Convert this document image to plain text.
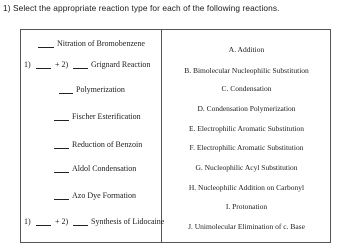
1) Select the appropriate reaction type for each of the following reactions.
Nitration of Bromobenzene
1)	+ 2)	Grignard Reaction
Polymerization
Fischer Esterification
Reduction of Benzoin
Aldol Condensation
Azo Dye Formation
1)	+ 2)	Synthesis of Lidocaine
A. Addition
B. Bimolecular Nucleophilic Substitution
C. Condensation
D. Condensation Polymerization
E. Electrophilic Aromatic Substitution
F. Electrophilic Aromatic Substitution
G. Nucleophilic Acyl Substitution
H. Nucleophilic Addition on Carbonyl
I. Protonation
J. Unimolecular Elimination of c. Base
